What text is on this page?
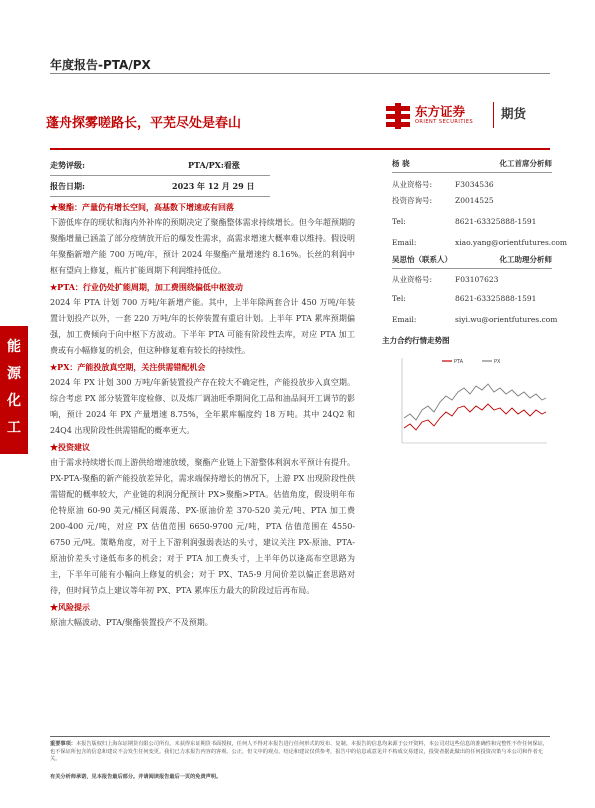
年度报告-PTA/PX
蓬舟探雾嗟路长，平芜尽处是春山
东方证券
ORIENT SECURITIES
期货
能源化工
走势评级:	PTA/PX:看涨
报告日期:	2023 年 12 月 29 日
杨 骁	化工首席分析师
从业资格号:	F3034536
投资咨询号:	Z0014525
Tel:	8621-63325888-1591
Email:	xiao.yang@orientfutures.com
吴思怡（联系人）	化工助理分析师
从业资格号:	F03107623
Tel:	8621-63325888-1591
Email:	siyi.wu@orientfutures.com
主力合约行情走势图
PTA	PX
★聚酯：产量仍有增长空间，高基数下增速或有回落
下游低库存的现状和海内外补库的预期决定了聚酯整体需求持续增长。但今年超预期的聚酯增量已涵盖了部分疫情放开后的爆发性需求，高需求增速大概率难以维持。假设明年聚酯新增产能 700 万吨/年，预计 2024 年聚酯产量增速约 8.16%。长丝的利润中枢有望向上修复，瓶片扩能周期下利润维持低位。
★PTA：行业仍处扩能周期，加工费围绕偏低中枢波动
2024 年 PTA 计划 700 万吨/年新增产能。其中，上半年除两套合计 450 万吨/年装置计划投产以外，一套 220 万吨/年的长停装置有重启计划。上半年 PTA 累库预期偏强，加工费倾向于向中枢下方波动。下半年 PTA 可能有阶段性去库，对应 PTA 加工费或有小幅修复的机会，但这种修复难有较长的持续性。
★PX：产能投放真空期，关注供需错配机会
2024 年 PX 计划 300 万吨/年新装置投产存在较大不确定性，产能投放步入真空期。综合考虑 PX 部分装置年度检修、以及炼厂调油旺季期间化工品和油品间开工调节的影响，预计 2024 年 PX 产量增速 8.75%，全年累库幅度约 18 万吨。其中 24Q2 和 24Q4 出现阶段性供需错配的概率更大。
★投资建议
由于需求持续增长而上游供给增速放缓，聚酯产业链上下游整体利润水平预计有提升。PX-PTA-聚酯的新产能投放差异化，需求端保持增长的情况下，上游 PX 出现阶段性供需错配的概率较大，产业链的利润分配预计 PX>聚酯>PTA。估值角度，假设明年布伦特原油 60-90 美元/桶区间震荡、PX-原油价差 370-520 美元/吨、PTA 加工费 200-400 元/吨，对应 PX 估值范围 6650-9700 元/吨，PTA 估值范围在 4550-6750 元/吨。策略角度，对于上下游利润强弱表达的头寸，建议关注 PX-原油、PTA-原油价差头寸逢低布多的机会；对于 PTA 加工费头寸，上半年仍以逢高布空思路为主，下半年可能有小幅向上修复的机会；对于 PX、TA5-9 月间价差以偏正套思路对待，但时间节点上建议等年初 PX、PTA 累库压力最大的阶段过后再布局。
★风险提示
原油大幅波动、PTA/聚酯装置投产不及预期。
重要事项：本报告版权归上海东证期货有限公司所有。未获得东证期货书面授权，任何人不得对本报告进行任何形式的发布、复制。本报告的信息均来源于公开资料，本公司对这些信息的准确性和完整性不作任何保证，也不保证所包含的信息和建议不会发生任何变更。我们已力求报告内容的客观、公正，但文中的观点、结论和建议仅供参考，报告中的信息或意见并不构成交易建议，投资者据此做出的任何投资决策与本公司和作者无关。
有关分析师承诺，见本报告最后部分。并请阅读报告最后一页的免责声明。
